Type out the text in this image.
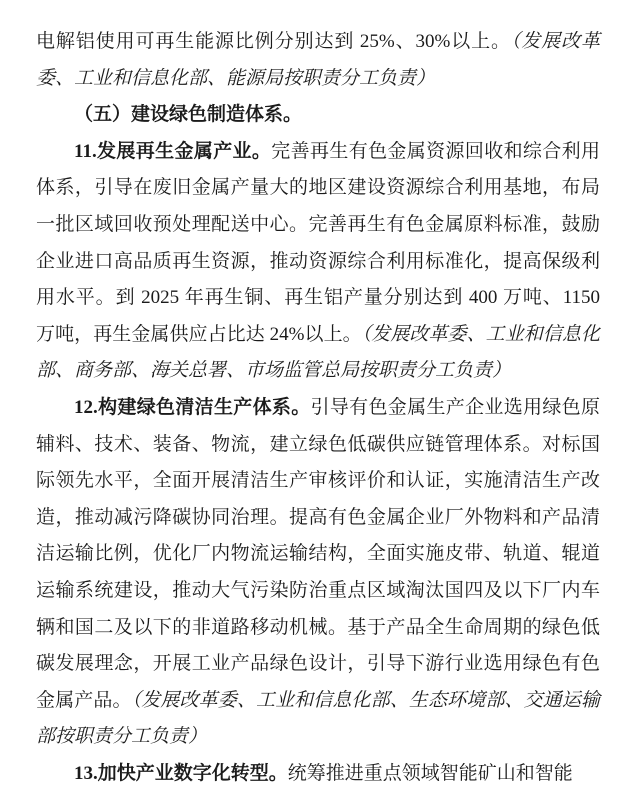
电解铝使用可再生能源比例分别达到 25%、30%以上。（发展改革委、工业和信息化部、能源局按职责分工负责）

（五）建设绿色制造体系。

11.发展再生金属产业。完善再生有色金属资源回收和综合利用体系，引导在废旧金属产量大的地区建设资源综合利用基地，布局一批区域回收预处理配送中心。完善再生有色金属原料标准，鼓励企业进口高品质再生资源，推动资源综合利用标准化，提高保级利用水平。到 2025 年再生铜、再生铝产量分别达到 400 万吨、1150 万吨，再生金属供应占比达 24%以上。（发展改革委、工业和信息化部、商务部、海关总署、市场监管总局按职责分工负责）

12.构建绿色清洁生产体系。引导有色金属生产企业选用绿色原辅料、技术、装备、物流，建立绿色低碳供应链管理体系。对标国际领先水平，全面开展清洁生产审核评价和认证，实施清洁生产改造，推动减污降碳协同治理。提高有色金属企业厂外物料和产品清洁运输比例，优化厂内物流运输结构，全面实施皮带、轨道、辊道运输系统建设，推动大气污染防治重点区域淘汰国四及以下厂内车辆和国二及以下的非道路移动机械。基于产品全生命周期的绿色低碳发展理念，开展工业产品绿色设计，引导下游行业选用绿色有色金属产品。（发展改革委、工业和信息化部、生态环境部、交通运输部按职责分工负责）

13.加快产业数字化转型。统筹推进重点领域智能矿山和智能
